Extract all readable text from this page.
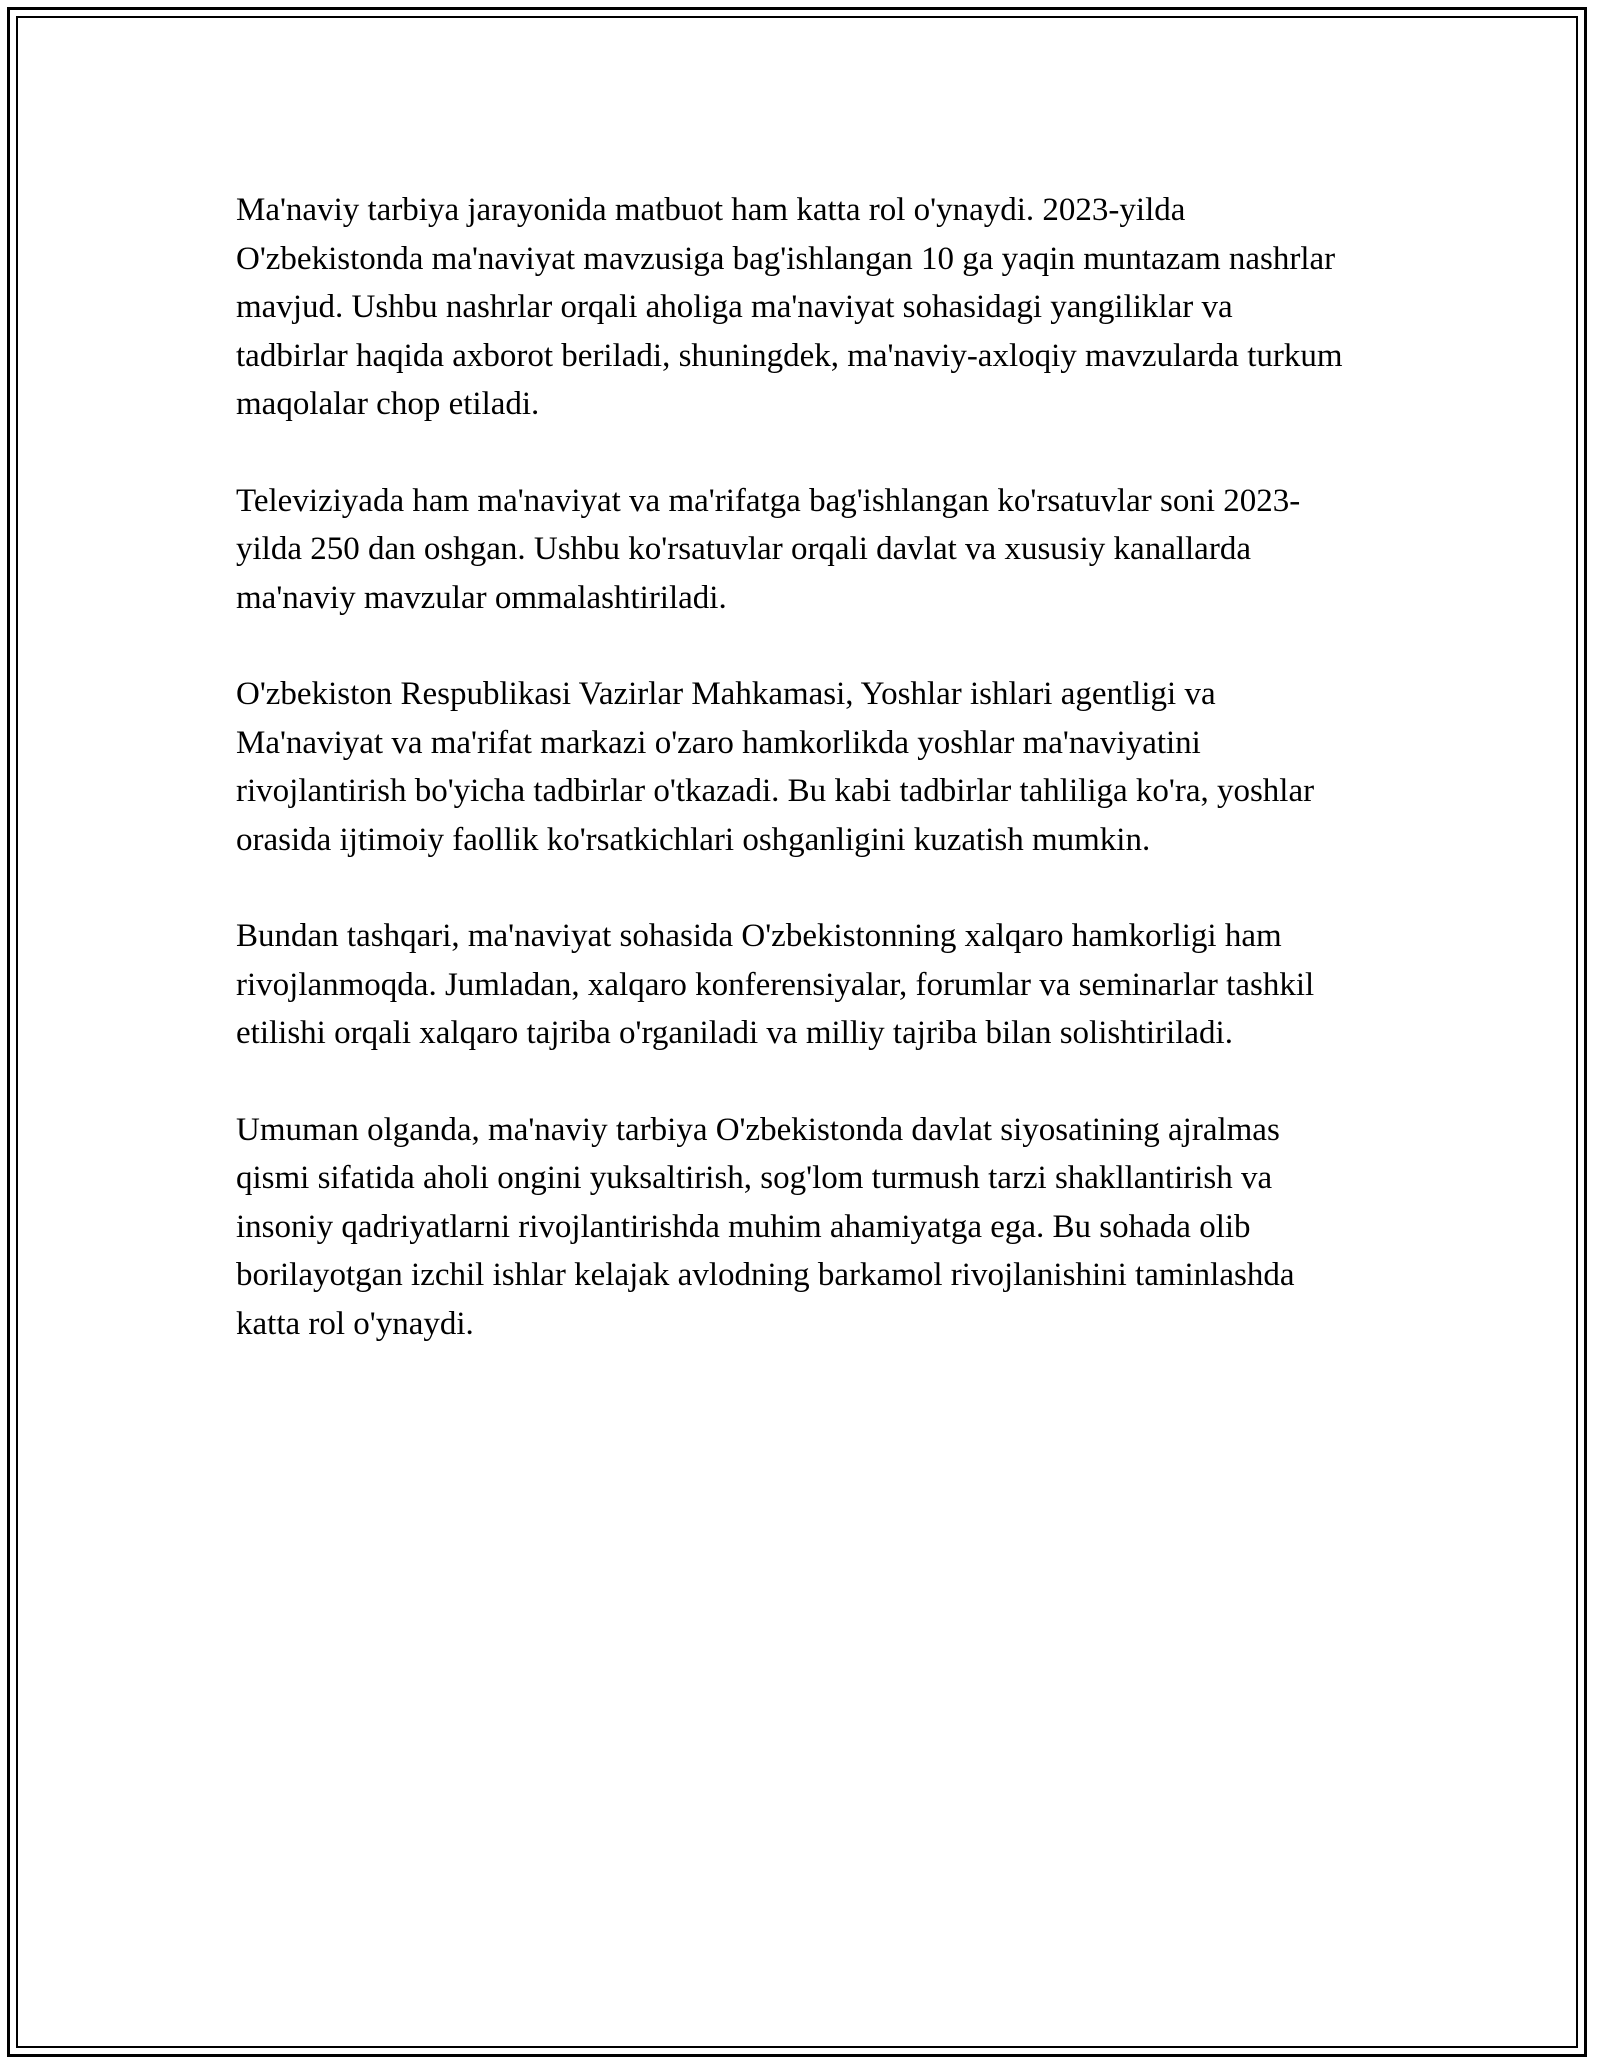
Ma'naviy tarbiya jarayonida matbuot ham katta rol o'ynaydi. 2023-yilda O'zbekistonda ma'naviyat mavzusiga bag'ishlangan 10 ga yaqin muntazam nashrlar mavjud. Ushbu nashrlar orqali aholiga ma'naviyat sohasidagi yangiliklar va tadbirlar haqida axborot beriladi, shuningdek, ma'naviy-axloqiy mavzularda turkum maqolalar chop etiladi.

Televiziyada ham ma'naviyat va ma'rifatga bag'ishlangan ko'rsatuvlar soni 2023-yilda 250 dan oshgan. Ushbu ko'rsatuvlar orqali davlat va xususiy kanallarda ma'naviy mavzular ommalashtiriladi.

O'zbekiston Respublikasi Vazirlar Mahkamasi, Yoshlar ishlari agentligi va Ma'naviyat va ma'rifat markazi o'zaro hamkorlikda yoshlar ma'naviyatini rivojlantirish bo'yicha tadbirlar o'tkazadi. Bu kabi tadbirlar tahliliga ko'ra, yoshlar orasida ijtimoiy faollik ko'rsatkichlari oshganligini kuzatish mumkin.

Bundan tashqari, ma'naviyat sohasida O'zbekistonning xalqaro hamkorligi ham rivojlanmoqda. Jumladan, xalqaro konferensiyalar, forumlar va seminarlar tashkil etilishi orqali xalqaro tajriba o'rganiladi va milliy tajriba bilan solishtiriladi.

Umuman olganda, ma'naviy tarbiya O'zbekistonda davlat siyosatining ajralmas qismi sifatida aholi ongini yuksaltirish, sog'lom turmush tarzi shakllantirish va insoniy qadriyatlarni rivojlantirishda muhim ahamiyatga ega. Bu sohada olib borilayotgan izchil ishlar kelajak avlodning barkamol rivojlanishini taminlashda katta rol o'ynaydi.
